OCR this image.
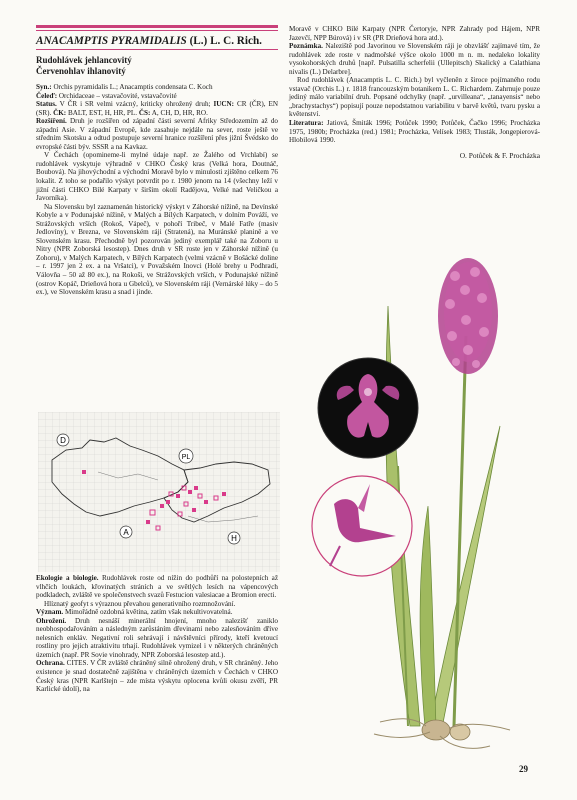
ANACAMPTIS PYRAMIDALIS (L.) L. C. Rich.
Rudohlávek jehlancovitý
Červenohlav ihlanovitý

Syn.: Orchis pyramidalis L.; Anacamptis condensata C. Koch

Čeleď: Orchidaceae – vstavačovité, vstavačovité

Status. V ČR i SR velmi vzácný, kriticky ohrožený druh; IUCN: CR (ČR), EN (SR). ČK: BALT, EST, H, HR, PL. ČS: A, CH, D, HR, RO.

Rozšíření. Druh je rozšířen od západní části severní Afriky Středozemím až do západní Asie. V západní Evropě, kde zasahuje nejdále na sever, roste ještě ve středním Skotsku a odtud postupuje severní hranice rozšíření přes jižní Švédsko do evropské části býv. SSSR a na Kavkaz.

V Čechách (opomineme-li mylné údaje např. ze Žalého od Vrchlabí) se rudohlávek vyskytuje výhradně v CHKO Český kras (Velká hora, Doutnáč, Boubová). Na jihovýchodní a východní Moravě bylo v minulosti zjištěno celkem 76 lokalit. Z toho se podařilo výskyt potvrdit po r. 1980 jenom na 14 (všechny leží v jižní části CHKO Bílé Karpaty v širším okolí Radějova, Velké nad Veličkou a Javorníka).

Na Slovensku byl zaznamenán historický výskyt v Záhorské nížině, na Devínské Kobyle a v Podunajské nížině, v Malých a Bílých Karpatech, v dolním Pováží, ve Strážovských vrších (Rokoš, Vápeč), v pohoří Tribeč, v Malé Fatře (masiv Jedlovíny), v Brezna, ve Slovenském ráji (Stratená), na Muránské planině a ve Slovenském krasu. Přechodně byl pozorován jediný exemplář také na Zoboru u Nitry (NPR Zoborská lesostep). Dnes druh v SR roste jen v Záhorské nížině (u Zohoru), v Malých Karpatech, v Bílých Karpatech (velmi vzácně v Bošácké doline – r. 1997 jen 2 ex. a na Vršatci), v Považském Inovci (Holé brehy u Podhradí, Válovňa – 50 až 80 ex.), na Rokoši, ve Strážovských vrších, v Podunajské nížině (ostrov Kopáč, Drieňová hora u Gbelců), ve Slovenském ráji (Vernárské lúky – do 5 ex.), ve Slovenském krasu a snad i jinde.

D
PL
A
H

Ekologie a biologie. Rudohlávek roste od nížin do podhůří na polostepních až vlhčích loukách, křovinatých stráních a ve světlých lesích na vápencových podkladech, zvláště ve společenstvech svazů Festucion valesiacae a Bromion erecti.

Hlíznatý geofyt s výraznou převahou generativního rozmnožování.

Význam. Mimořádně ozdobná květina, zatím však nekultivovatelná.

Ohrožení. Druh nesnáší minerální hnojení, mnoho nalezišť zaniklo neobhospodařováním a následným zarůstáním dřevinami nebo zalesňováním dříve nelesních enkláv. Negativní roli sehrávají i návštěvníci přírody, kteří kvetoucí rostliny pro jejich atraktivitu trhají. Rudohlávek vymizel i v některých chráněných územích (např. PR Sovie vinohrady, NPR Zoborská lesostep atd.).

Ochrana. CITES. V ČR zvláště chráněný silně ohrožený druh, v SR chráněný. Jeho existence je snad dostatečně zajištěna v chráněných územích v Čechách v CHKO Český kras (NPR Karlštejn – zde místa výskytu oplocena kvůli okusu zvěří, PR Karlické údolí), na

Moravě v CHKO Bílé Karpaty (NPR Čertoryje, NPR Zahrady pod Hájem, NPR Jazevčí, NPP Búrová) i v SR (PR Drieňová hora atd.).

Poznámka. Naleziště pod Javorinou ve Slovenském ráji je obzvlášť zajímavé tím, že rudohlávek zde roste v nadmořské výšce okolo 1000 m n. m. nedaleko lokality vysokohorských druhů [např. Pulsatilla scherfelii (Ullepitsch) Skalický a Calathiana nivalis (L.) Delarbre].

Rod rudohlávek (Anacamptis L. C. Rich.) byl vyčleněn z široce pojímaného rodu vstavač (Orchis L.) r. 1818 francouzským botanikem L. C. Richardem. Zahrnuje pouze jediný málo variabilní druh. Popsané odchylky (např. „urvilleana“, „tanayensis“ nebo „brachystachys“) popisují pouze nepodstatnou variabilitu v barvě květů, tvaru pysku a květenství.

Literatura: Jatiová, Šmiták 1996; Potůček 1990; Potůček, Čačko 1996; Procházka 1975, 1980b; Procházka (red.) 1981; Procházka, Velísek 1983; Tlusták, Jongepierová-Hlobilová 1990.

O. Potůček & F. Procházka
29
